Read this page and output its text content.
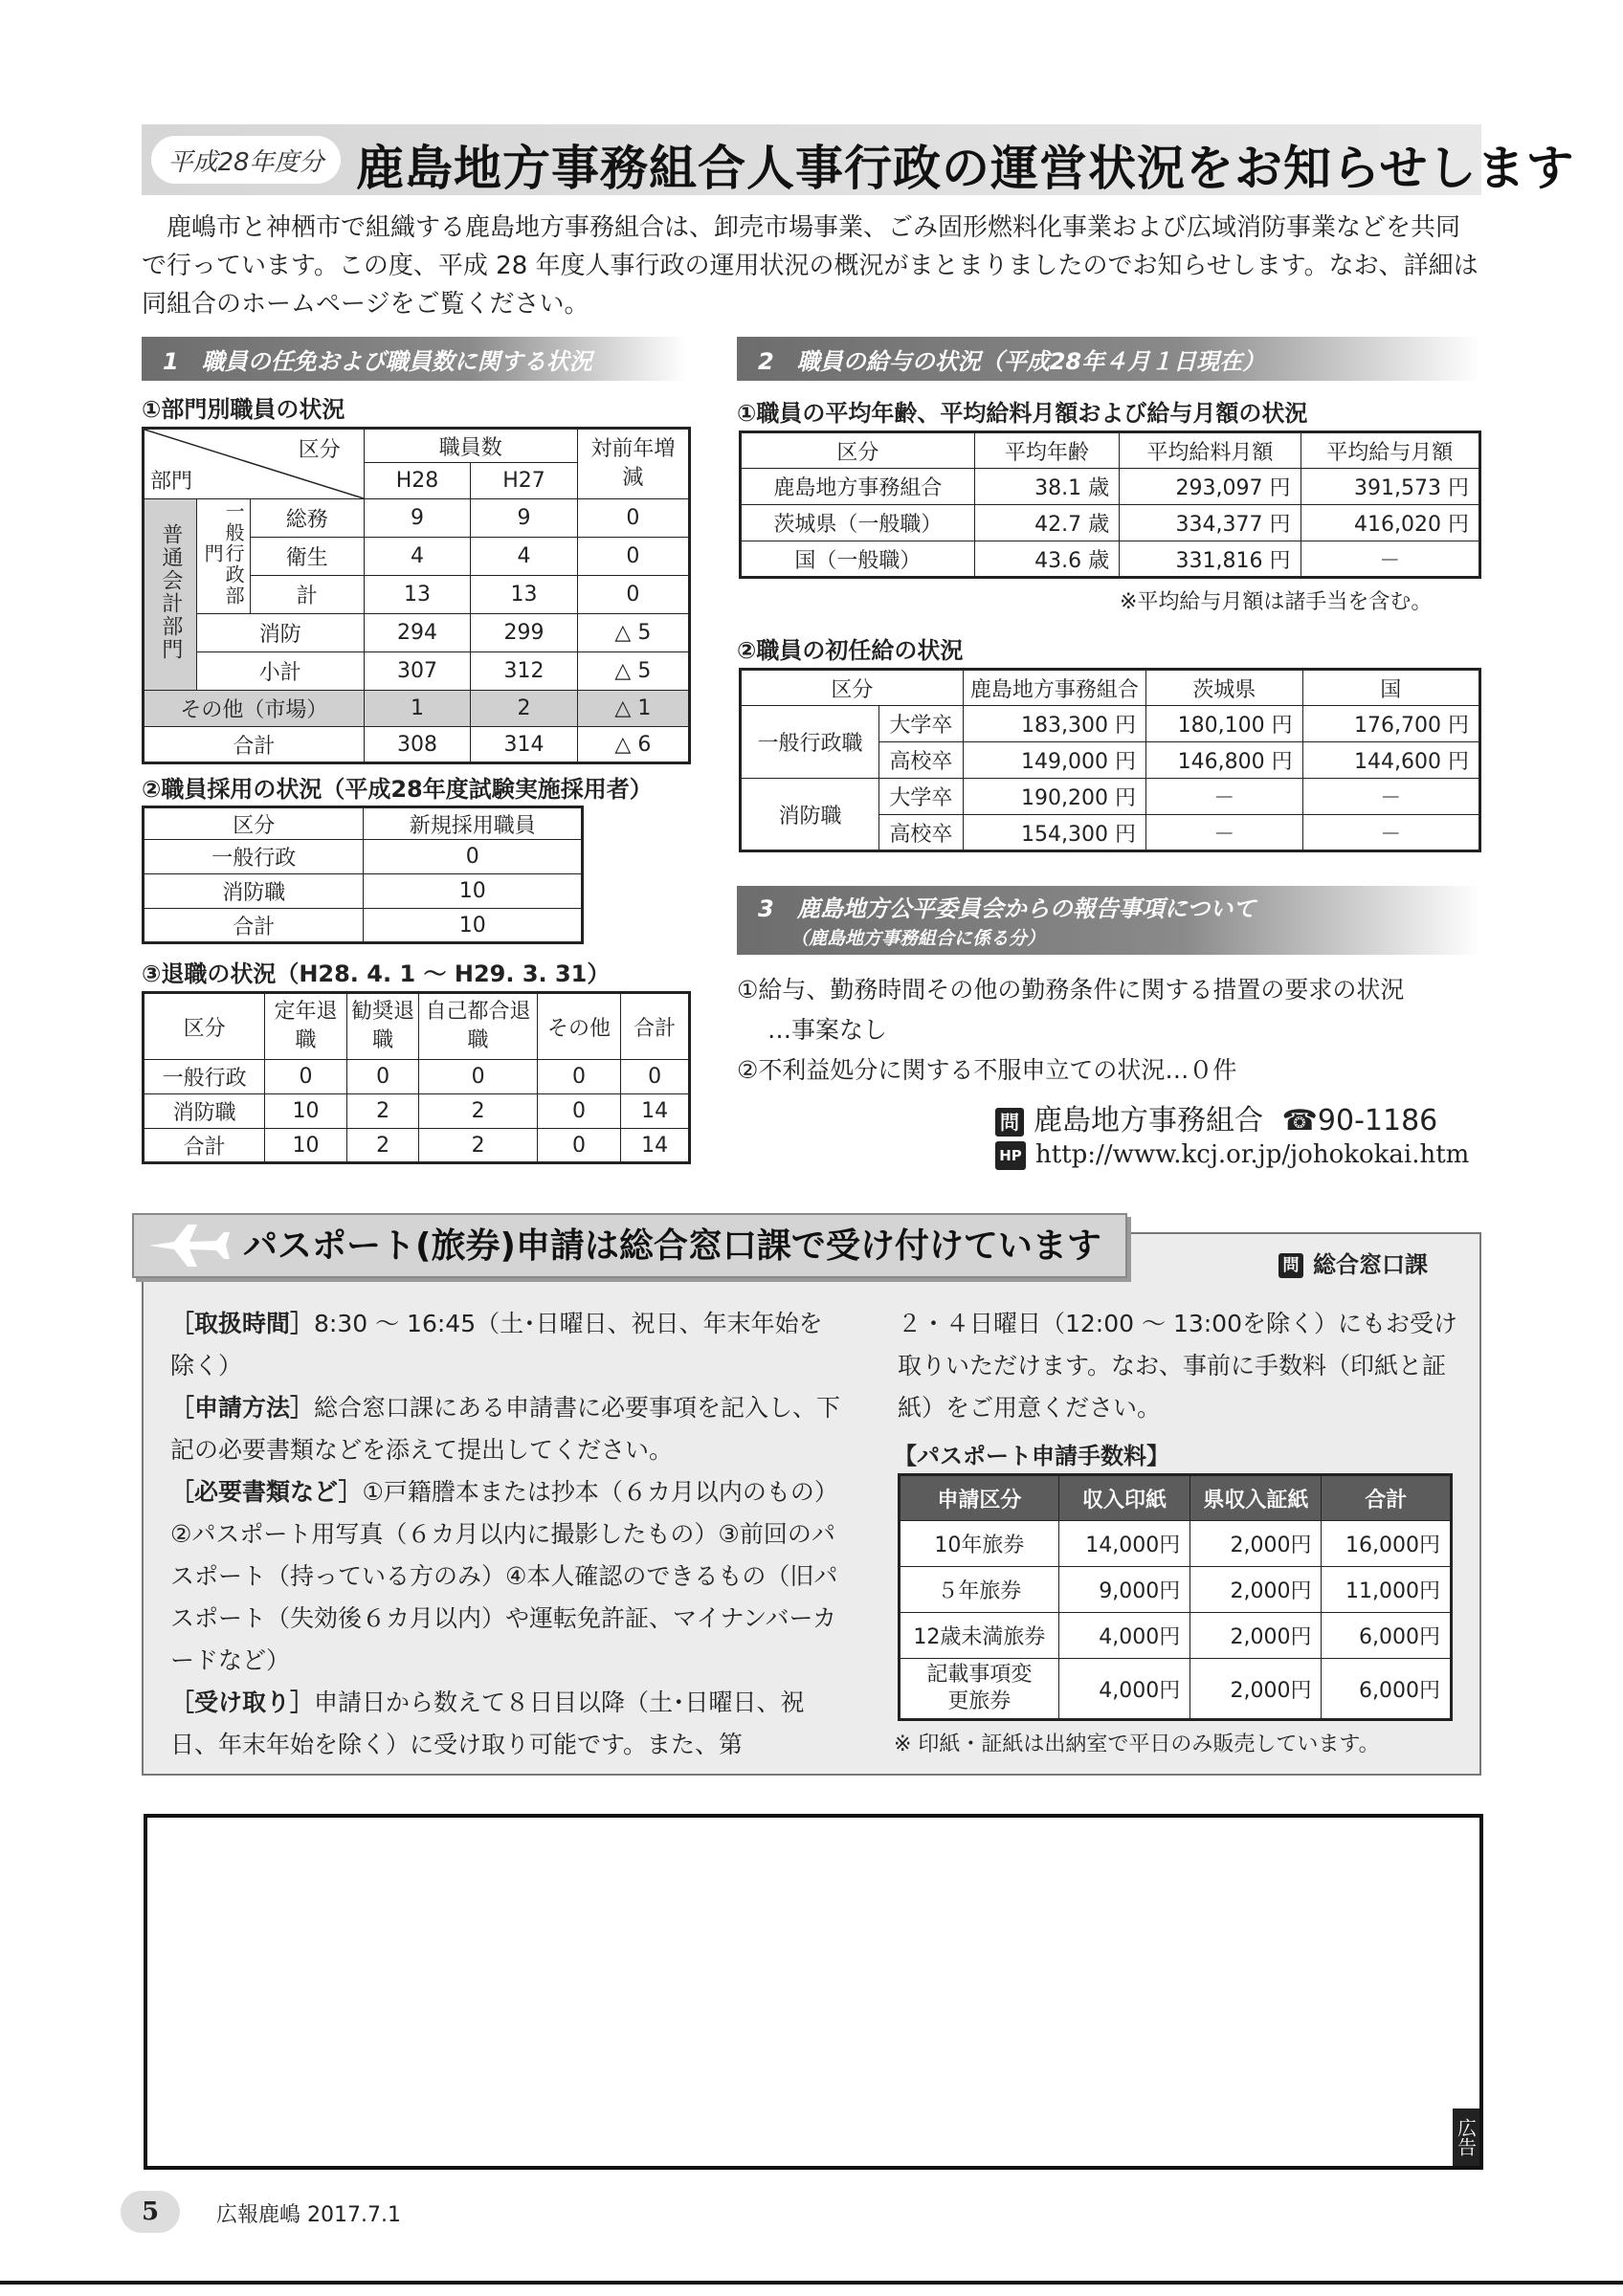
平成28年度分 鹿島地方事務組合人事行政の運営状況をお知らせします

鹿嶋市と神栖市で組織する鹿島地方事務組合は、卸売市場事業、ごみ固形燃料化事業および広域消防事業などを共同で行っています。この度、平成 28 年度人事行政の運用状況の概況がまとまりましたのでお知らせします。なお、詳細は同組合のホームページをご覧ください。

1　職員の任免および職員数に関する状況
①部門別職員の状況
区分
部門			職員数		対前年増減
			H28	H27	
普通会計部門	一般行政部門	総務	9	9	0
		衛生	4	4	0
		計	13	13	0
	消防		294	299	△ 5
	小計		307	312	△ 5
その他（市場）			1	2	△ 1
合計			308	314	△ 6
②職員採用の状況（平成28年度試験実施採用者）
区分	新規採用職員
一般行政	0
消防職	10
合計	10
③退職の状況（H28. 4. 1 ～ H29. 3. 31）
区分	定年退職	勧奨退職	自己都合退職	その他	合計
一般行政	0	0	0	0	0
消防職	10	2	2	0	14
合計	10	2	2	0	14
2　職員の給与の状況（平成28年４月１日現在）
①職員の平均年齢、平均給料月額および給与月額の状況
区分	平均年齢	平均給料月額	平均給与月額
鹿島地方事務組合	38.1 歳	293,097 円	391,573 円
茨城県（一般職）	42.7 歳	334,377 円	416,020 円
国（一般職）	43.6 歳	331,816 円	－
※平均給与月額は諸手当を含む。
②職員の初任給の状況
区分		鹿島地方事務組合	茨城県	国
一般行政職	大学卒	183,300 円	180,100 円	176,700 円
	高校卒	149,000 円	146,800 円	144,600 円
消防職	大学卒	190,200 円	－	－
	高校卒	154,300 円	－	－
3　鹿島地方公平委員会からの報告事項について
（鹿島地方事務組合に係る分）
①給与、勤務時間その他の勤務条件に関する措置の要求の状況
…事案なし
②不利益処分に関する不服申立ての状況…０件
問 鹿島地方事務組合 ☎90-1186
HP http://www.kcj.or.jp/johokokai.htm
パスポート(旅券)申請は総合窓口課で受け付けています	問 総合窓口課

［取扱時間］8:30 ～ 16:45（土･日曜日、祝日、年末年始を除く）

［申請方法］総合窓口課にある申請書に必要事項を記入し、下記の必要書類などを添えて提出してください。

［必要書類など］①戸籍謄本または抄本（６カ月以内のもの）②パスポート用写真（６カ月以内に撮影したもの）③前回のパスポート（持っている方のみ）④本人確認のできるもの（旧パスポート（失効後６カ月以内）や運転免許証、マイナンバーカードなど）

［受け取り］申請日から数えて８日目以降（土･日曜日、祝日、年末年始を除く）に受け取り可能です。また、第

２・４日曜日（12:00 ～ 13:00を除く）にもお受け取りいただけます。なお、事前に手数料（印紙と証紙）をご用意ください。
【パスポート申請手数料】
申請区分	収入印紙	県収入証紙	合計
10年旅券	14,000円	2,000円	16,000円
５年旅券	9,000円	2,000円	11,000円
12歳未満旅券	4,000円	2,000円	6,000円
記載事項変更旅券	4,000円	2,000円	6,000円
※ 印紙・証紙は出納室で平日のみ販売しています。
広告
5	広報鹿嶋 2017.7.1
